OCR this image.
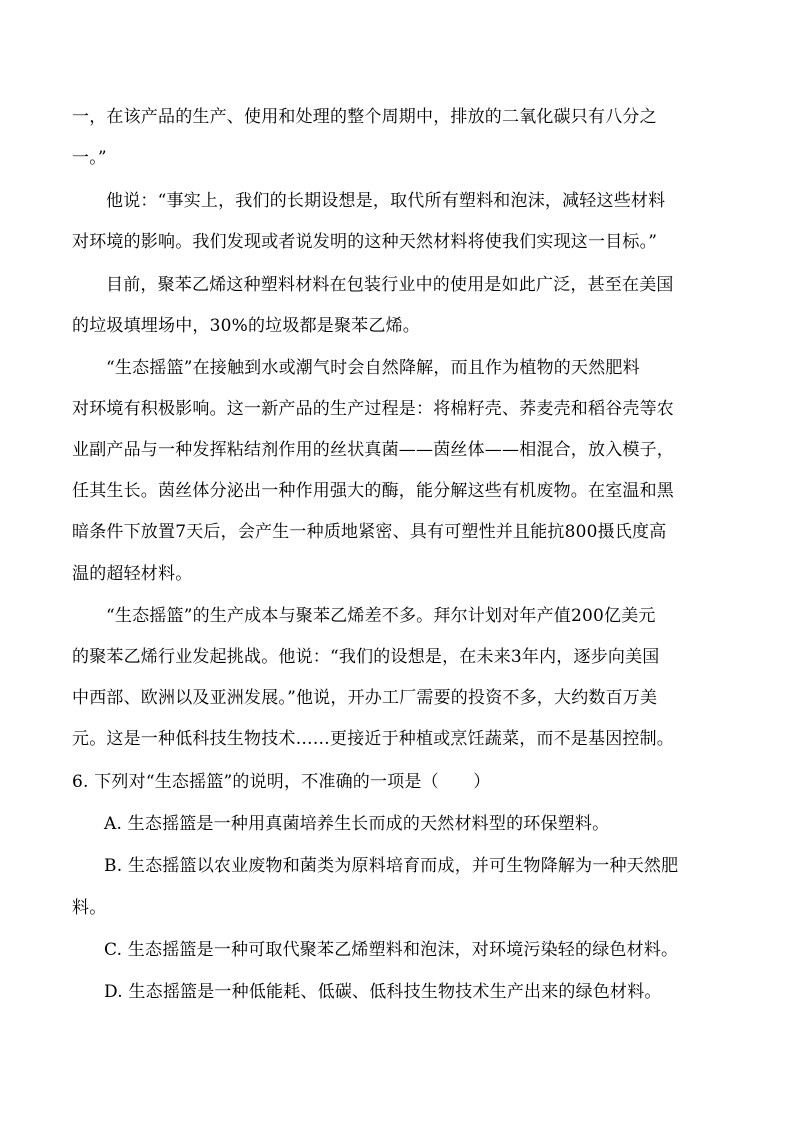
一，在该产品的生产、使用和处理的整个周期中，排放的二氧化碳只有八分之
一。”
他说：“事实上，我们的长期设想是，取代所有塑料和泡沫，减轻这些材料
对环境的影响。我们发现或者说发明的这种天然材料将使我们实现这一目标。”
目前，聚苯乙烯这种塑料材料在包装行业中的使用是如此广泛，甚至在美国
的垃圾填埋场中，30%的垃圾都是聚苯乙烯。
“生态摇篮”在接触到水或潮气时会自然降解，而且作为植物的天然肥料
对环境有积极影响。这一新产品的生产过程是：将棉籽壳、荞麦壳和稻谷壳等农
业副产品与一种发挥粘结剂作用的丝状真菌——茵丝体——相混合，放入模子，
任其生长。茵丝体分泌出一种作用强大的酶，能分解这些有机废物。在室温和黑
暗条件下放置7天后，会产生一种质地紧密、具有可塑性并且能抗800摄氏度高
温的超轻材料。
“生态摇篮”的生产成本与聚苯乙烯差不多。拜尔计划对年产值200亿美元
的聚苯乙烯行业发起挑战。他说：“我们的设想是，在未来3年内，逐步向美国
中西部、欧洲以及亚洲发展。”他说，开办工厂需要的投资不多，大约数百万美
元。这是一种低科技生物技术……更接近于种植或烹饪蔬菜，而不是基因控制。
6. 下列对“生态摇篮”的说明，不准确的一项是（　　）
A. 生态摇篮是一种用真菌培养生长而成的天然材料型的环保塑料。
B. 生态摇篮以农业废物和菌类为原料培育而成，并可生物降解为一种天然肥
料。
C. 生态摇篮是一种可取代聚苯乙烯塑料和泡沫，对环境污染轻的绿色材料。
D. 生态摇篮是一种低能耗、低碳、低科技生物技术生产出来的绿色材料。
